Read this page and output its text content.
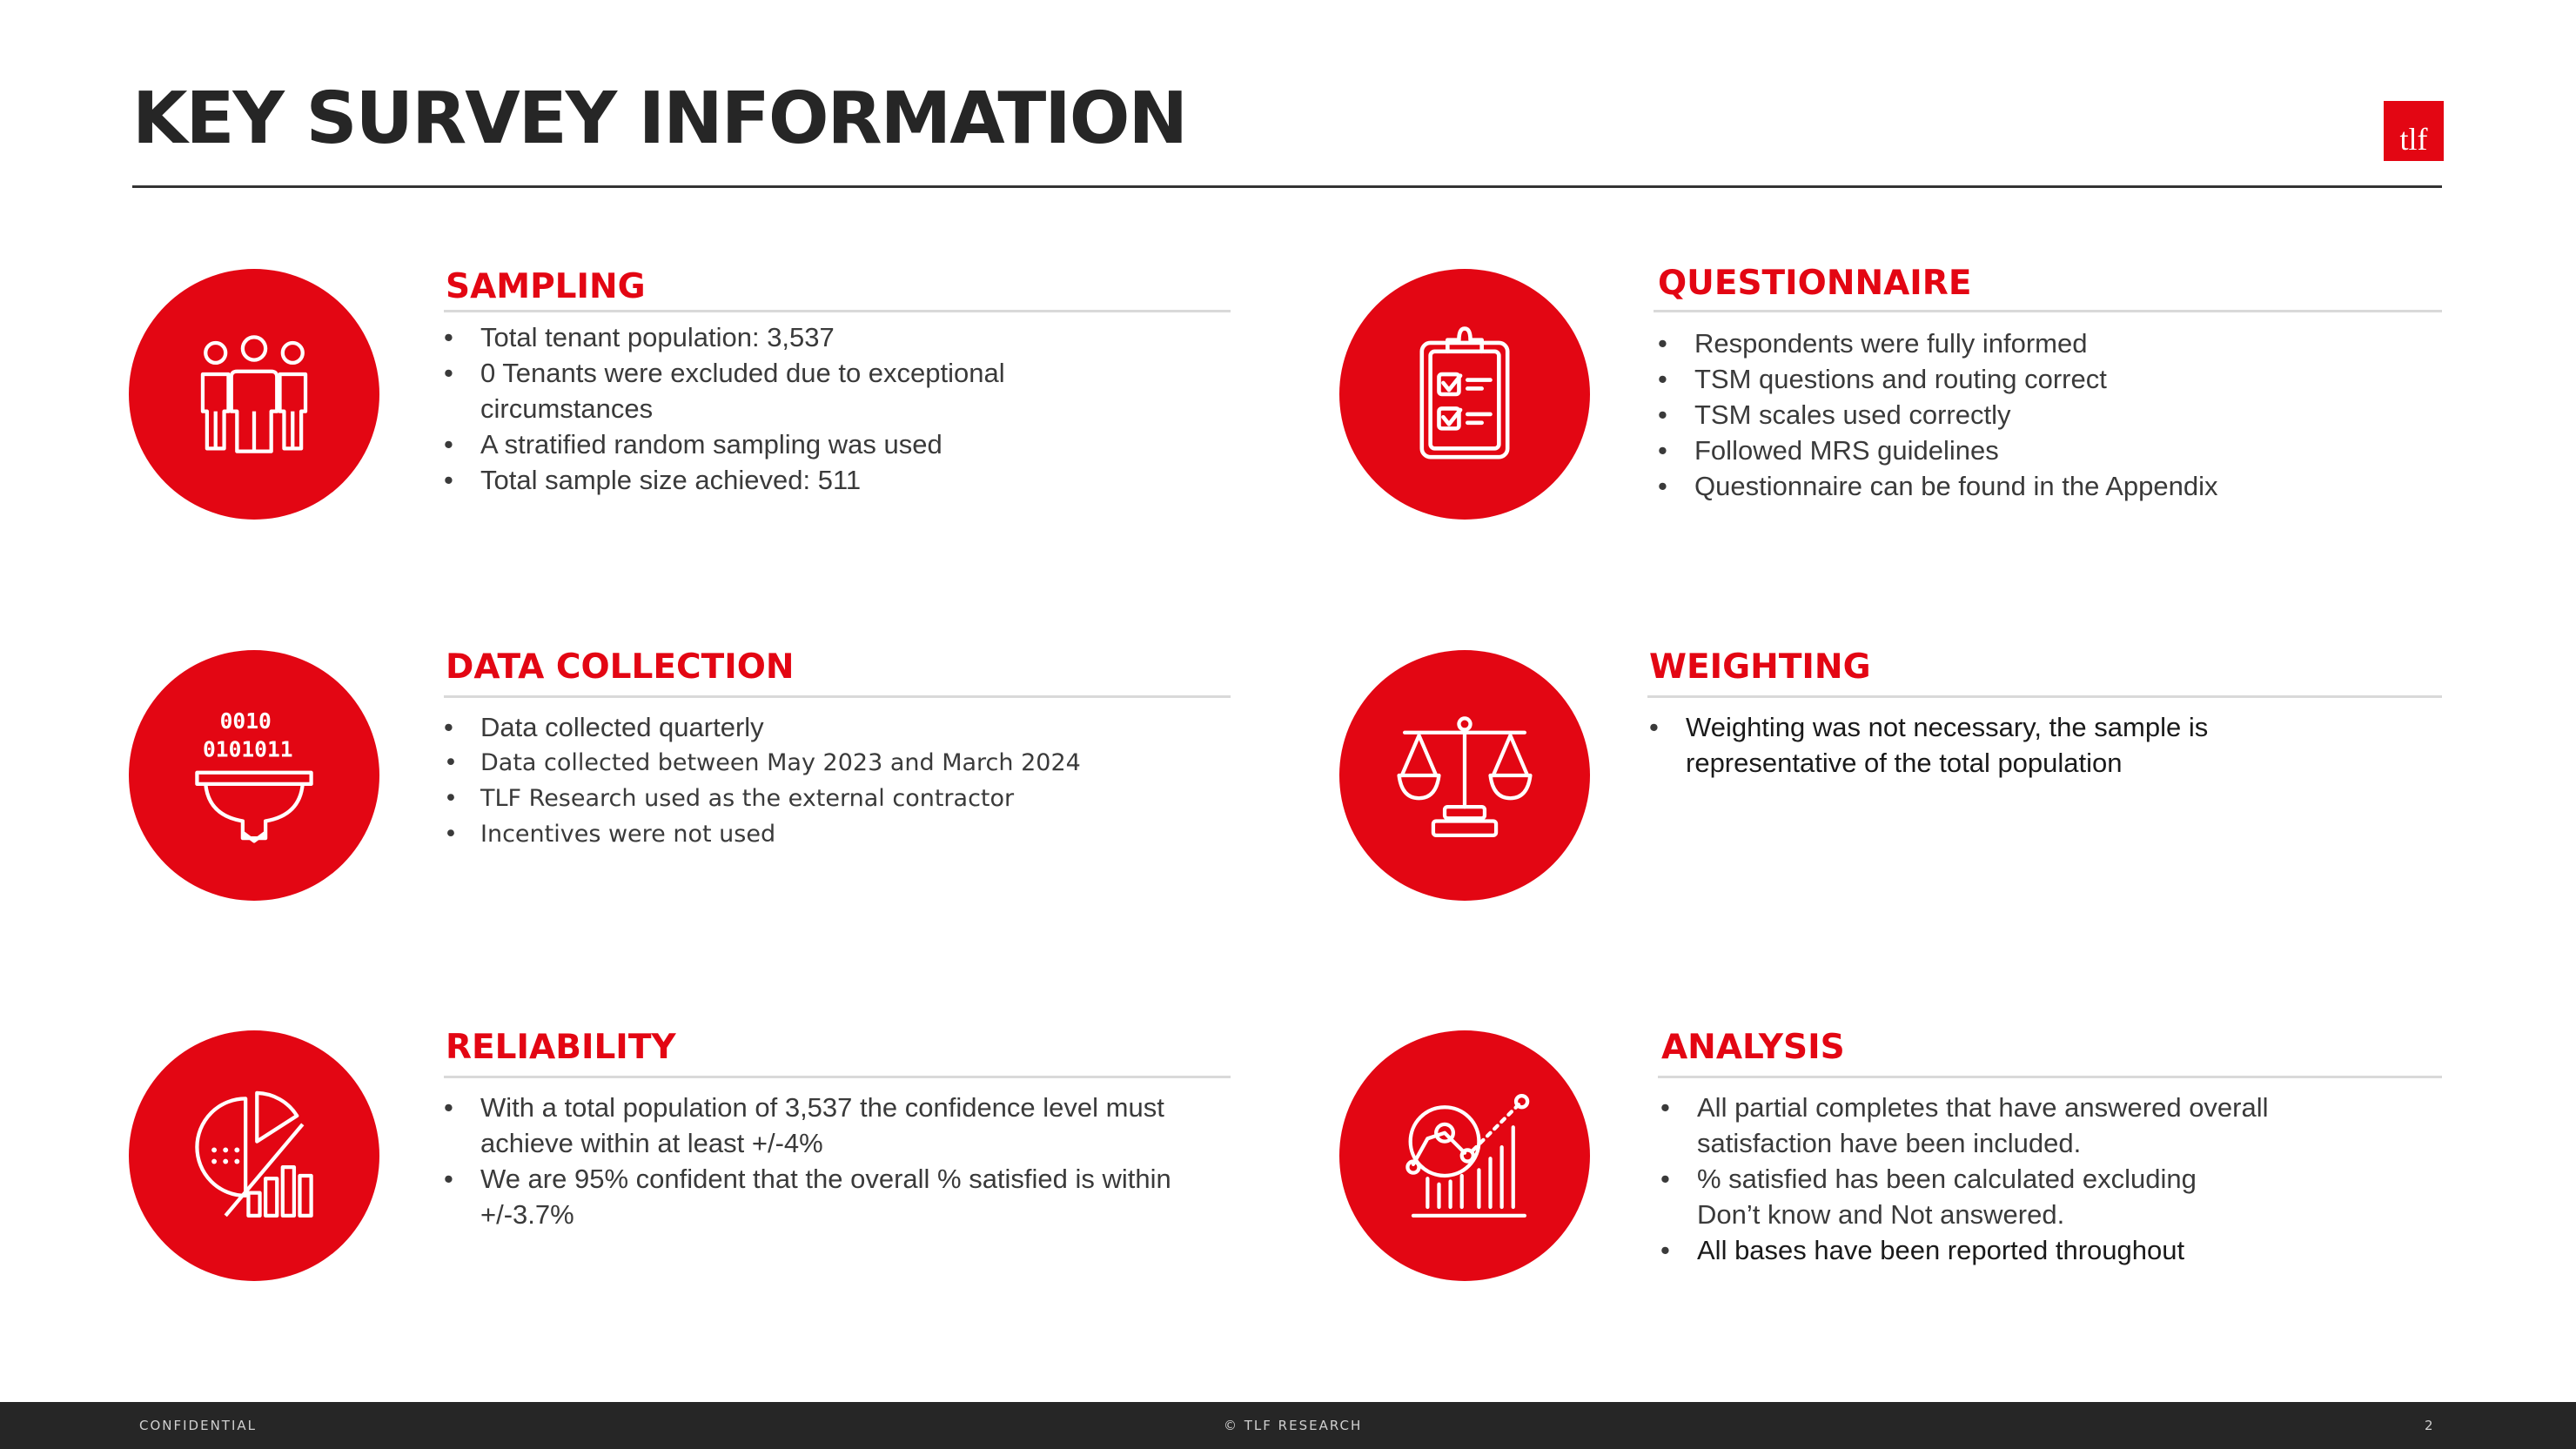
KEY SURVEY INFORMATION	tlf
SAMPLING
• Total tenant population: 3,537
• 0 Tenants were excluded due to exceptional circumstances
• A stratified random sampling was used
• Total sample size achieved: 511
QUESTIONNAIRE
• Respondents were fully informed
• TSM questions and routing correct
• TSM scales used correctly
• Followed MRS guidelines
• Questionnaire can be found in the Appendix
0010
0101011
DATA COLLECTION
• Data collected quarterly
• Data collected between May 2023 and March 2024
• TLF Research used as the external contractor
• Incentives were not used
WEIGHTING
• Weighting was not necessary, the sample is representative of the total population
RELIABILITY
• With a total population of 3,537 the confidence level must achieve within at least +/-4%
• We are 95% confident that the overall % satisfied is within +/-3.7%
ANALYSIS
• All partial completes that have answered overall satisfaction have been included.
• % satisfied has been calculated excluding Don’t know and Not answered.
• All bases have been reported throughout
CONFIDENTIAL	© TLF RESEARCH	2
